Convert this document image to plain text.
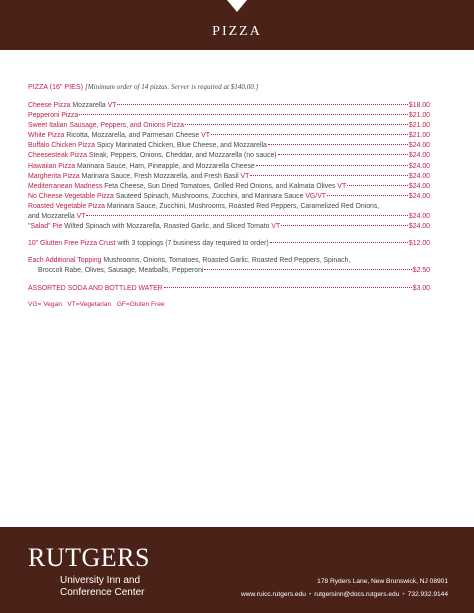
PIZZA
PIZZA (16" PIES) [Minimum order of 14 pizzas. Server is required at $140.00.]
Cheese Pizza Mozzarella VT	$18.00
Pepperoni Pizza	$21.00
Sweet Italian Sausage, Peppers, and Onions Pizza	$21.00
White Pizza Ricotta, Mozzarella, and Parmesan Cheese VT	$21.00
Buffalo Chicken Pizza Spicy Marinated Chicken, Blue Cheese, and Mozzarella	$24.00
Cheesesteak Pizza Steak, Peppers, Onions, Cheddar, and Mozzarella (no sauce)	$24.00
Hawaiian Pizza Marinara Sauce, Ham, Pineapple, and Mozzarella Cheese	$24.00
Margherita Pizza Marinara Sauce, Fresh Mozzarella, and Fresh Basil VT	$24.00
Mediterranean Madness Feta Cheese, Sun Dried Tomatoes, Grilled Red Onions, and Kalmata Olives VT	$24.00
No Cheese Vegetable Pizza Sauteed Spinach, Mushrooms, Zucchini, and Marinara Sauce VG/VT	$24.00
Roasted Vegetable Pizza Marinara Sauce, Zucchini, Mushrooms, Roasted Red Peppers, Caramelized Red Onions,
and Mozzarella VT	$24.00
"Salad" Pie Wilted Spinach with Mozzarella, Roasted Garlic, and Sliced Tomato VT	$24.00
10" Glutten Free Pizza Crust with 3 toppings (7 business day required to order)	$12.00
Each Additional Topping Mushrooms, Onions, Tomatoes, Roasted Garlic, Roasted Red Peppers, Spinach,
Broccoli Rabe, Olives, Sausage, Meatballs, Pepperoni	$2.50
ASSORTED SODA AND BOTTLED WATER	$3.00
VG= Vegan   VT=Vegetarian   GF=Gluten Free
RUTGERS
University Inn and
Conference Center
178 Ryders Lane, New Brunswick, NJ 08901
www.ruicc.rutgers.edu • rutgersinn@docs.rutgers.edu • 732.932.9144
